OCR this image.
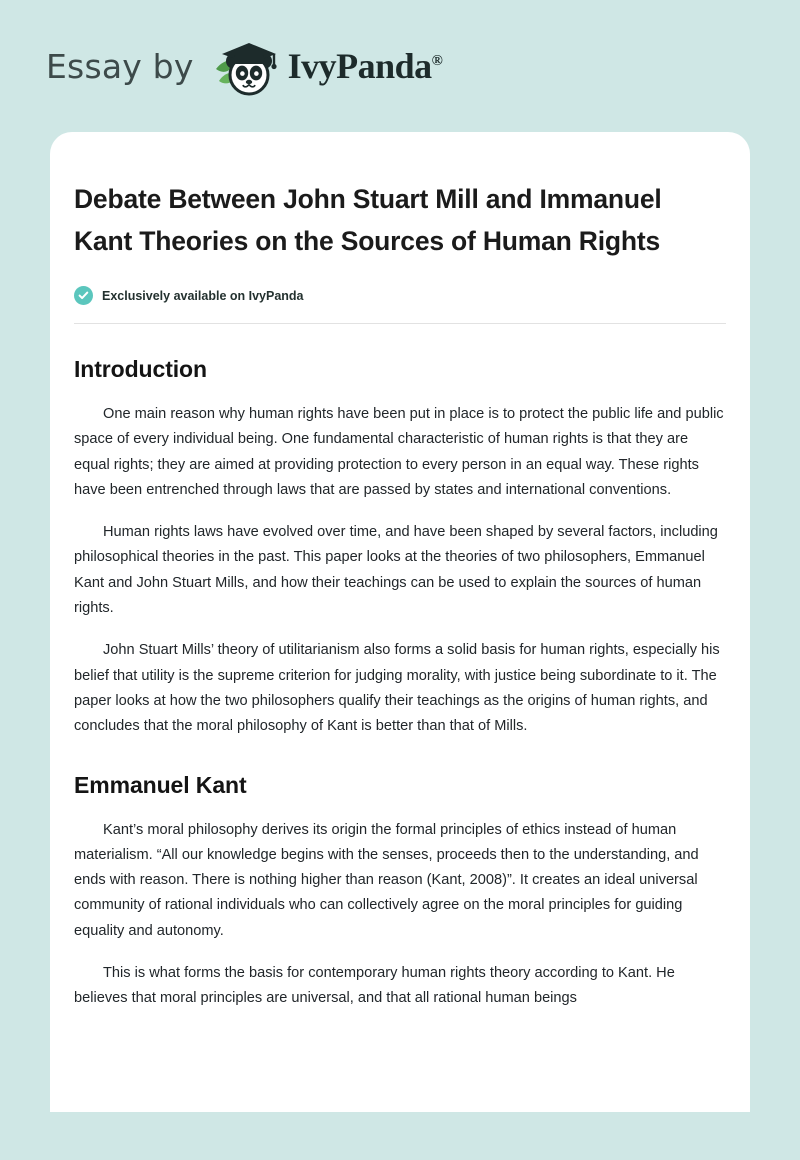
Essay by	IvyPanda®
Debate Between John Stuart Mill and Immanuel Kant Theories on the Sources of Human Rights
Exclusively available on IvyPanda
Introduction

One main reason why human rights have been put in place is to protect the public life and public space of every individual being. One fundamental characteristic of human rights is that they are equal rights; they are aimed at providing protection to every person in an equal way. These rights have been entrenched through laws that are passed by states and international conventions.

Human rights laws have evolved over time, and have been shaped by several factors, including philosophical theories in the past. This paper looks at the theories of two philosophers, Emmanuel Kant and John Stuart Mills, and how their teachings can be used to explain the sources of human rights.

John Stuart Mills’ theory of utilitarianism also forms a solid basis for human rights, especially his belief that utility is the supreme criterion for judging morality, with justice being subordinate to it. The paper looks at how the two philosophers qualify their teachings as the origins of human rights, and concludes that the moral philosophy of Kant is better than that of Mills.

Emmanuel Kant

Kant’s moral philosophy derives its origin the formal principles of ethics instead of human materialism. “All our knowledge begins with the senses, proceeds then to the understanding, and ends with reason. There is nothing higher than reason (Kant, 2008)”. It creates an ideal universal community of rational individuals who can collectively agree on the moral principles for guiding equality and autonomy.

This is what forms the basis for contemporary human rights theory according to Kant. He believes that moral principles are universal, and that all rational human beings
